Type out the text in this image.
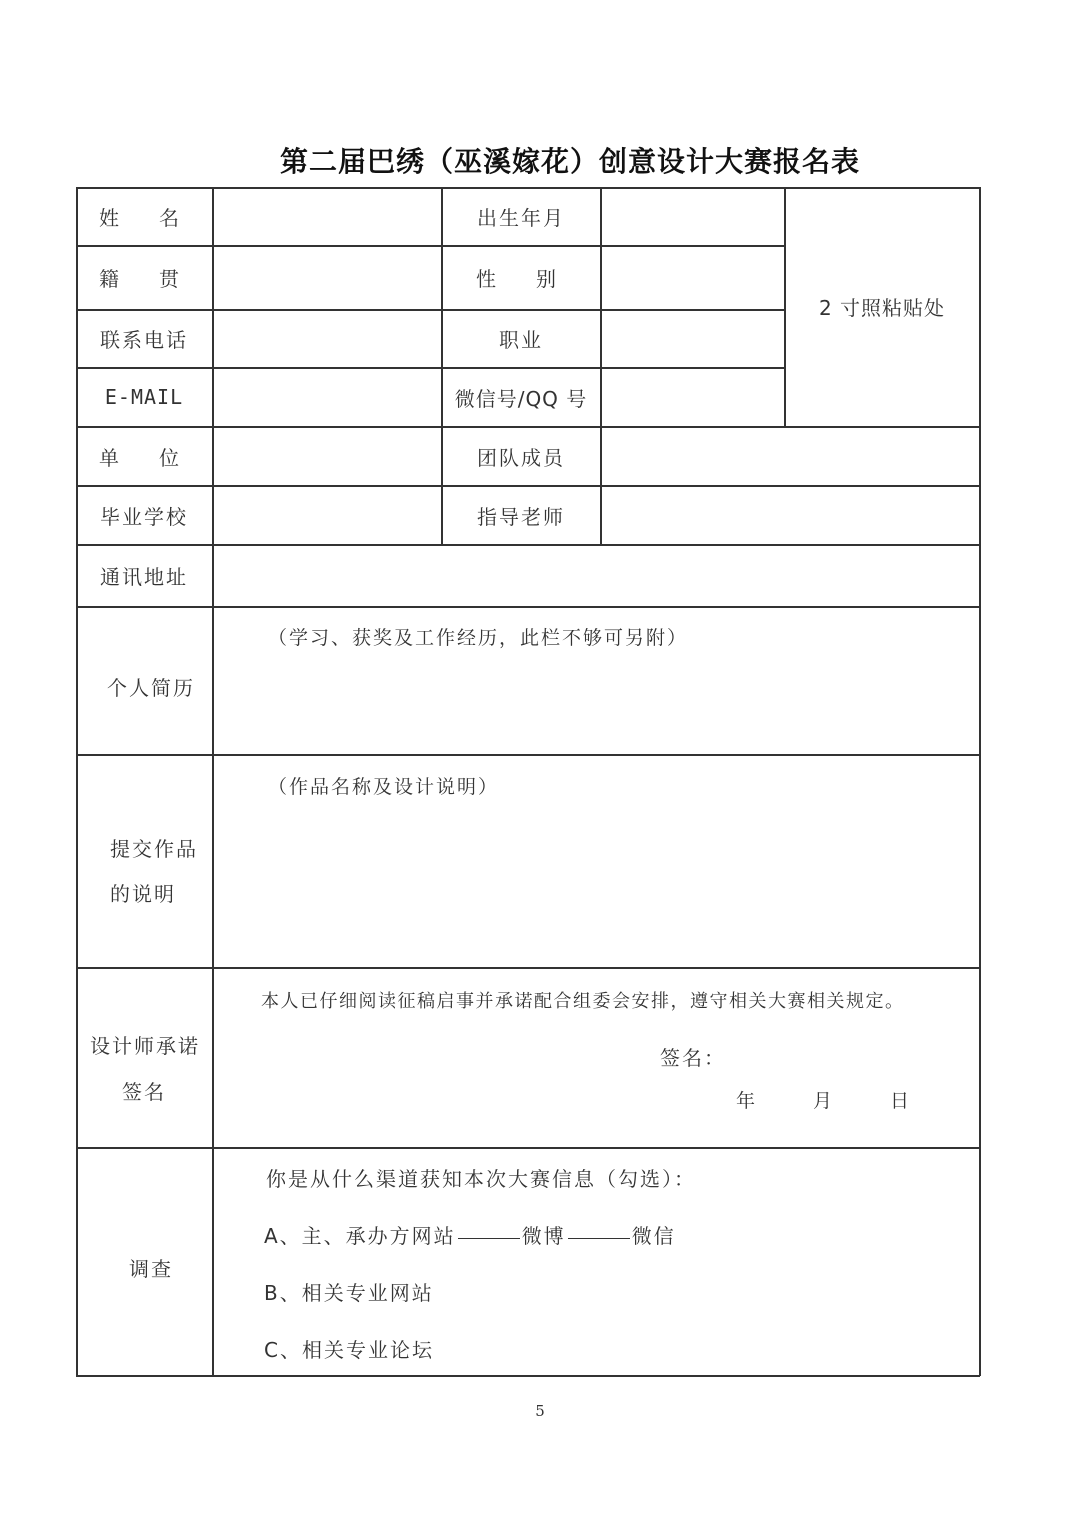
第二届巴绣（巫溪嫁花）创意设计大赛报名表
姓　名	出生年月
2 寸照粘贴处
籍　贯	性　别
联系电话	职业
E-MAIL	微信号/QQ 号
单　位	团队成员
毕业学校	指导老师
通讯地址
个人简历
（学习、获奖及工作经历，此栏不够可另附）
提交作品
的说明
（作品名称及设计说明）
设计师承诺
签名
本人已仔细阅读征稿启事并承诺配合组委会安排，遵守相关大赛相关规定。
签名：
年	月	日
调查
你是从什么渠道获知本次大赛信息（勾选）：
A、主、承办方网站	微博	微信
B、相关专业网站
C、相关专业论坛
5
